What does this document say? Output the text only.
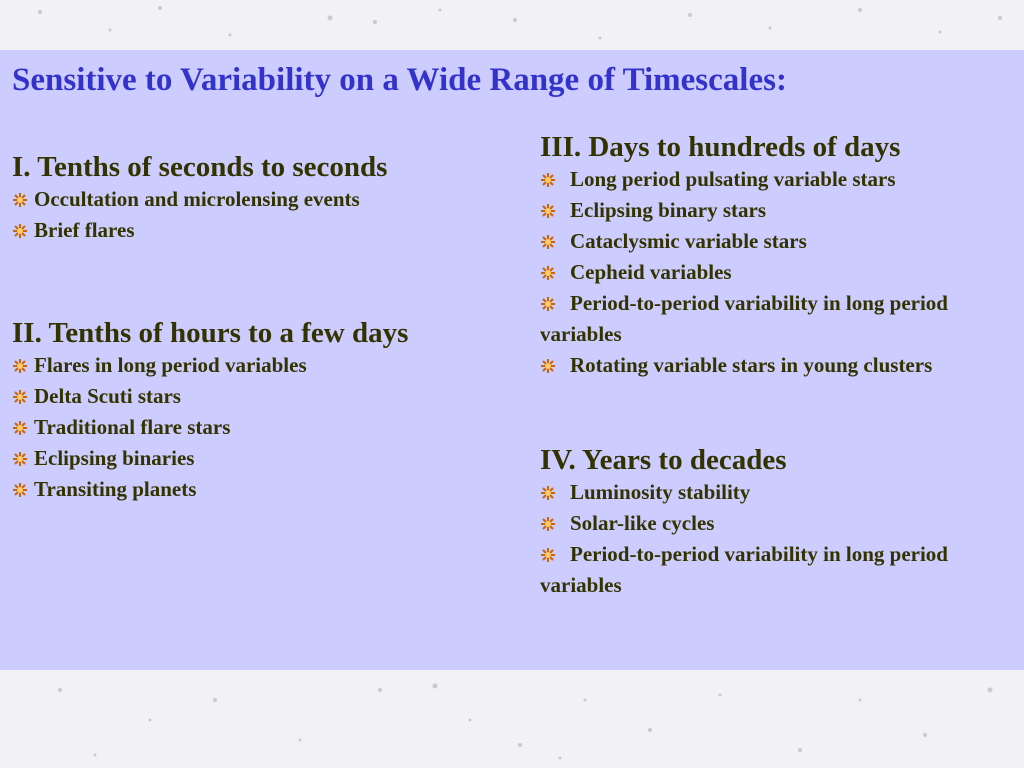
Sensitive to Variability on a Wide Range of Timescales:
I. Tenths of seconds to seconds
Occultation and microlensing events
Brief flares
II. Tenths of hours to a few days
Flares in long period variables
Delta Scuti stars
Traditional flare stars
Eclipsing binaries
Transiting planets
III. Days to hundreds of days
Long period pulsating variable stars
Eclipsing binary stars
Cataclysmic variable stars
Cepheid variables
Period-to-period variability in long period variables
Rotating variable stars in young clusters
IV. Years to decades
Luminosity stability
Solar-like cycles
Period-to-period variability in long period variables
